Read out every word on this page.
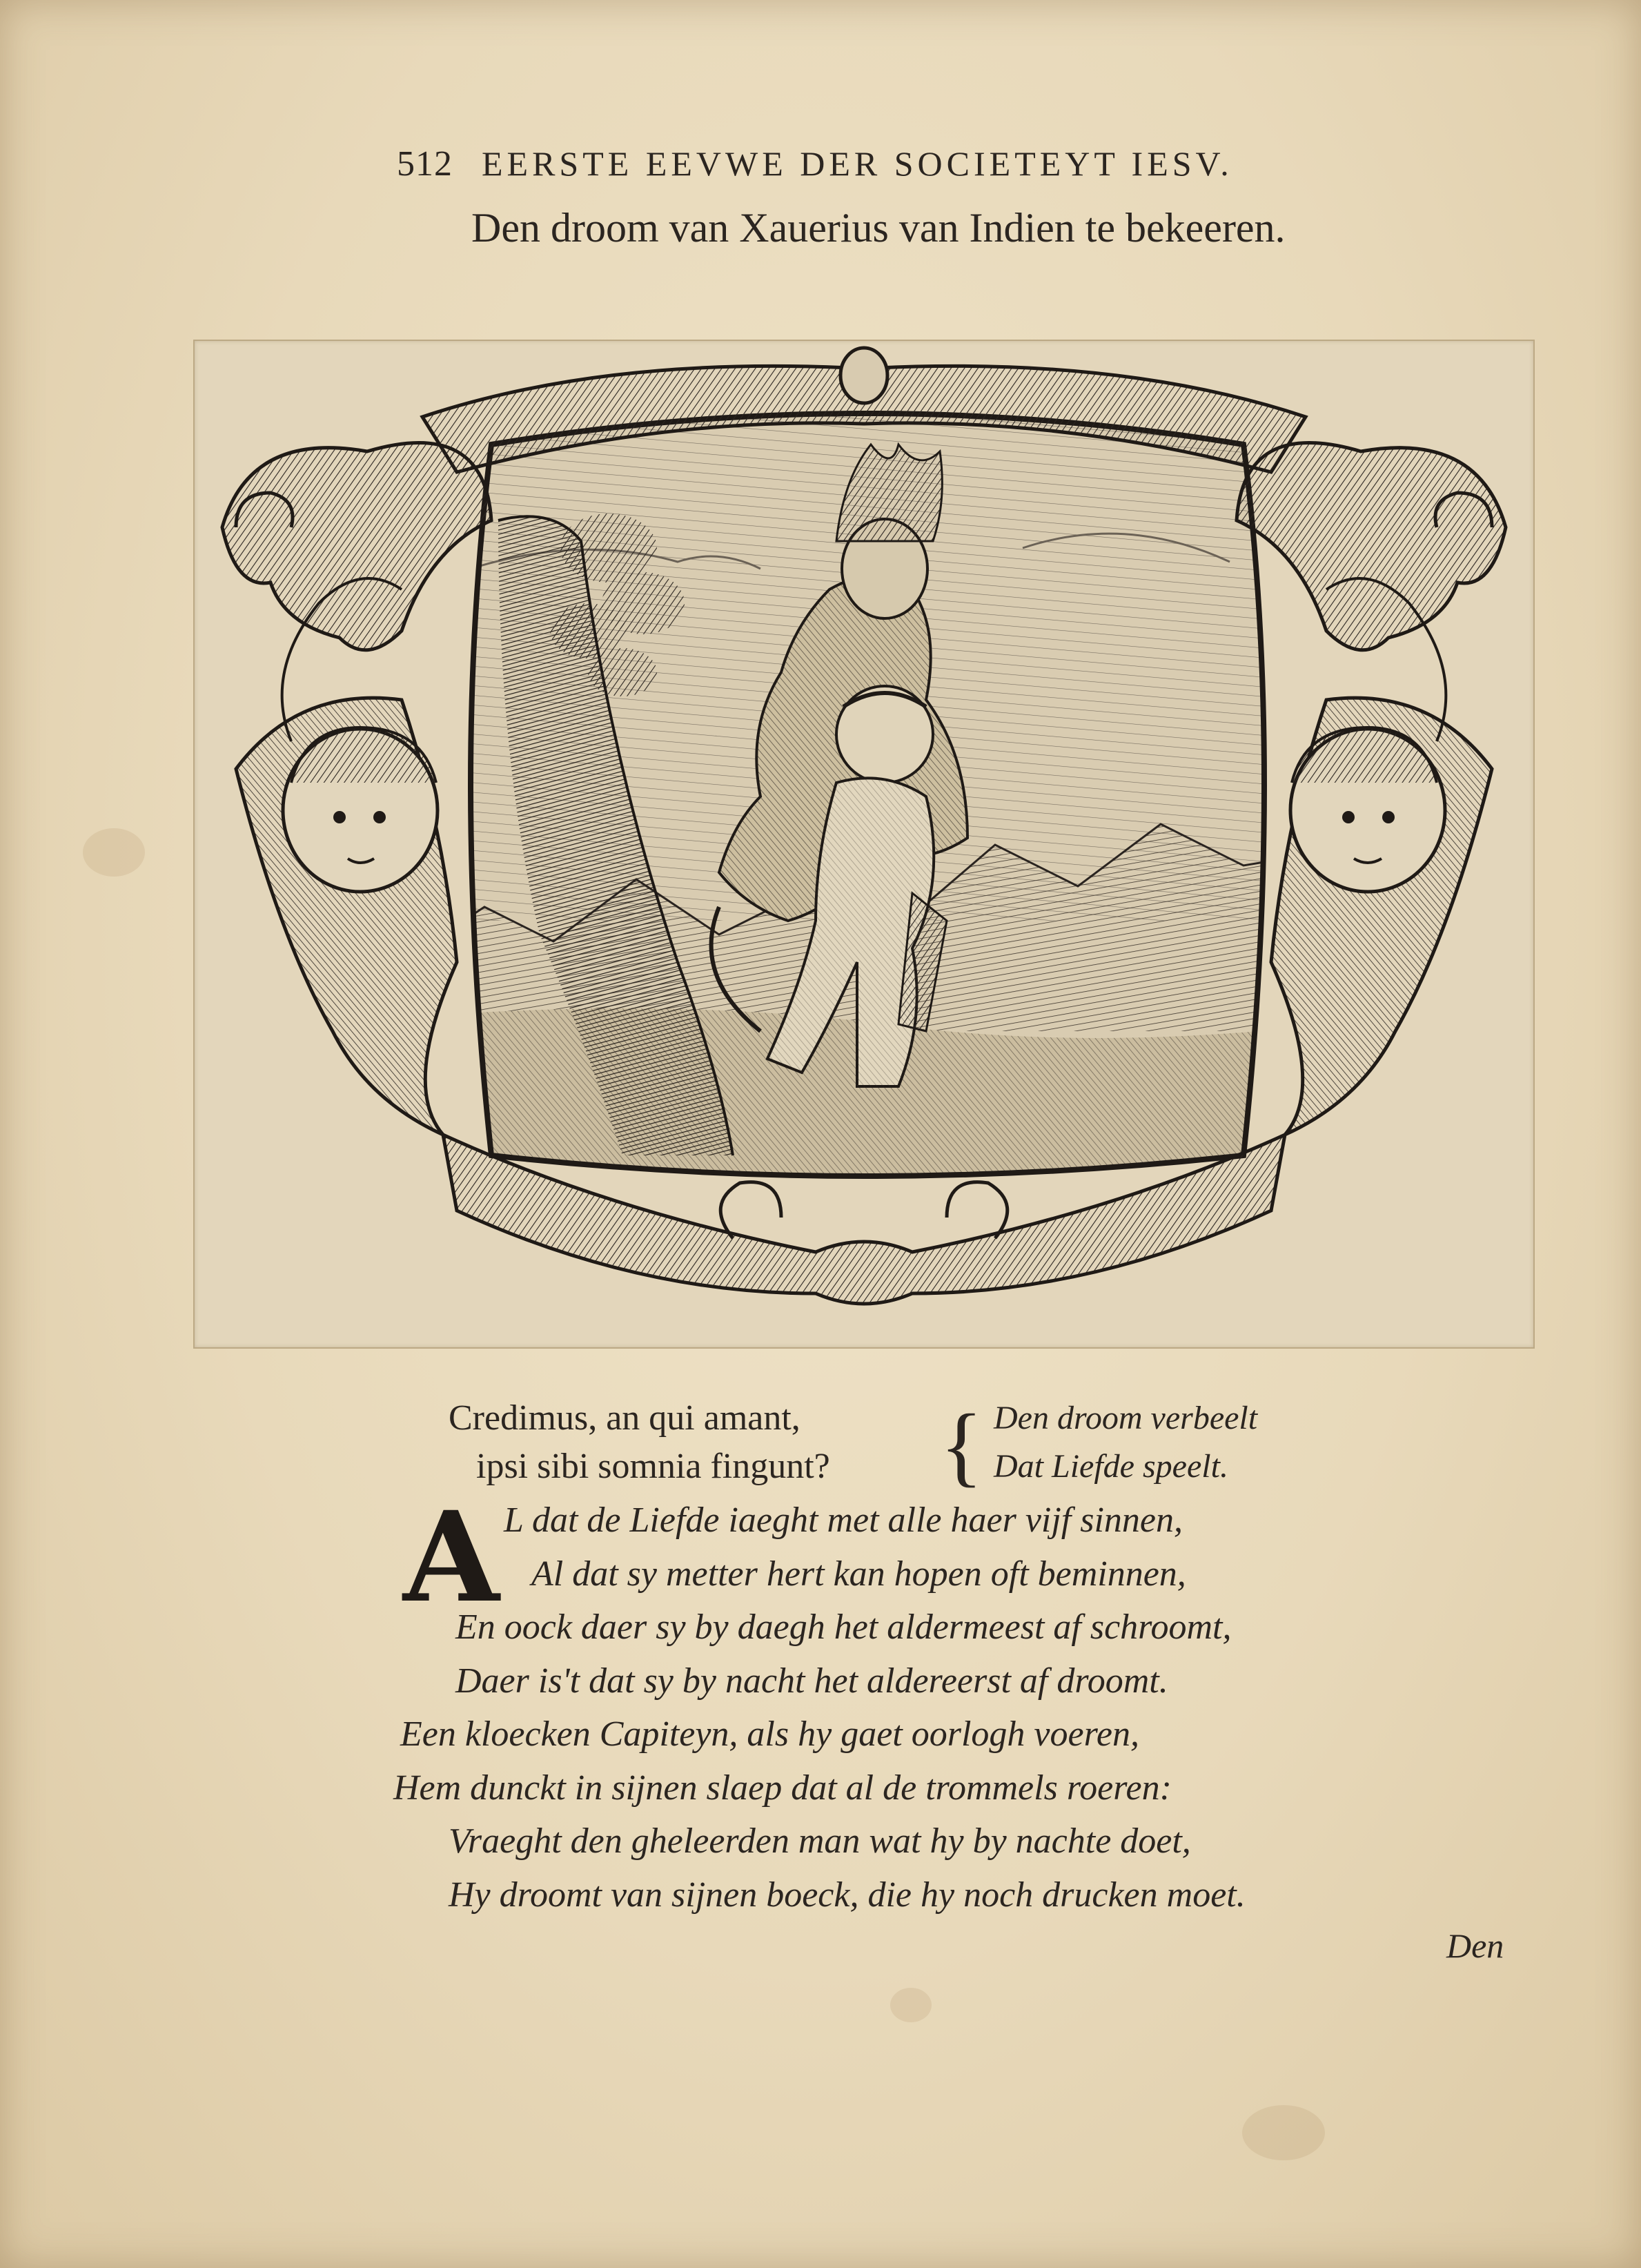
512 EERSTE EEVWE DER SOCIETEYT IESV.
Den droom van Xauerius van Indien te bekeeren.
Credimus, an qui amant,
ipsi sibi somnia fingunt?	{ Den droom verbeelt
Dat Liefde speelt.
A L dat de Liefde iaeght met alle haer vijf sinnen,
Al dat sy metter hert kan hopen oft beminnen,
En oock daer sy by daegh het aldermeest af schroomt,
Daer is't dat sy by nacht het aldereerst af droomt.
Een kloecken Capiteyn, als hy gaet oorlogh voeren,
Hem dunckt in sijnen slaep dat al de trommels roeren:
Vraeght den gheleerden man wat hy by nachte doet,
Hy droomt van sijnen boeck, die hy noch drucken moet.
Den
